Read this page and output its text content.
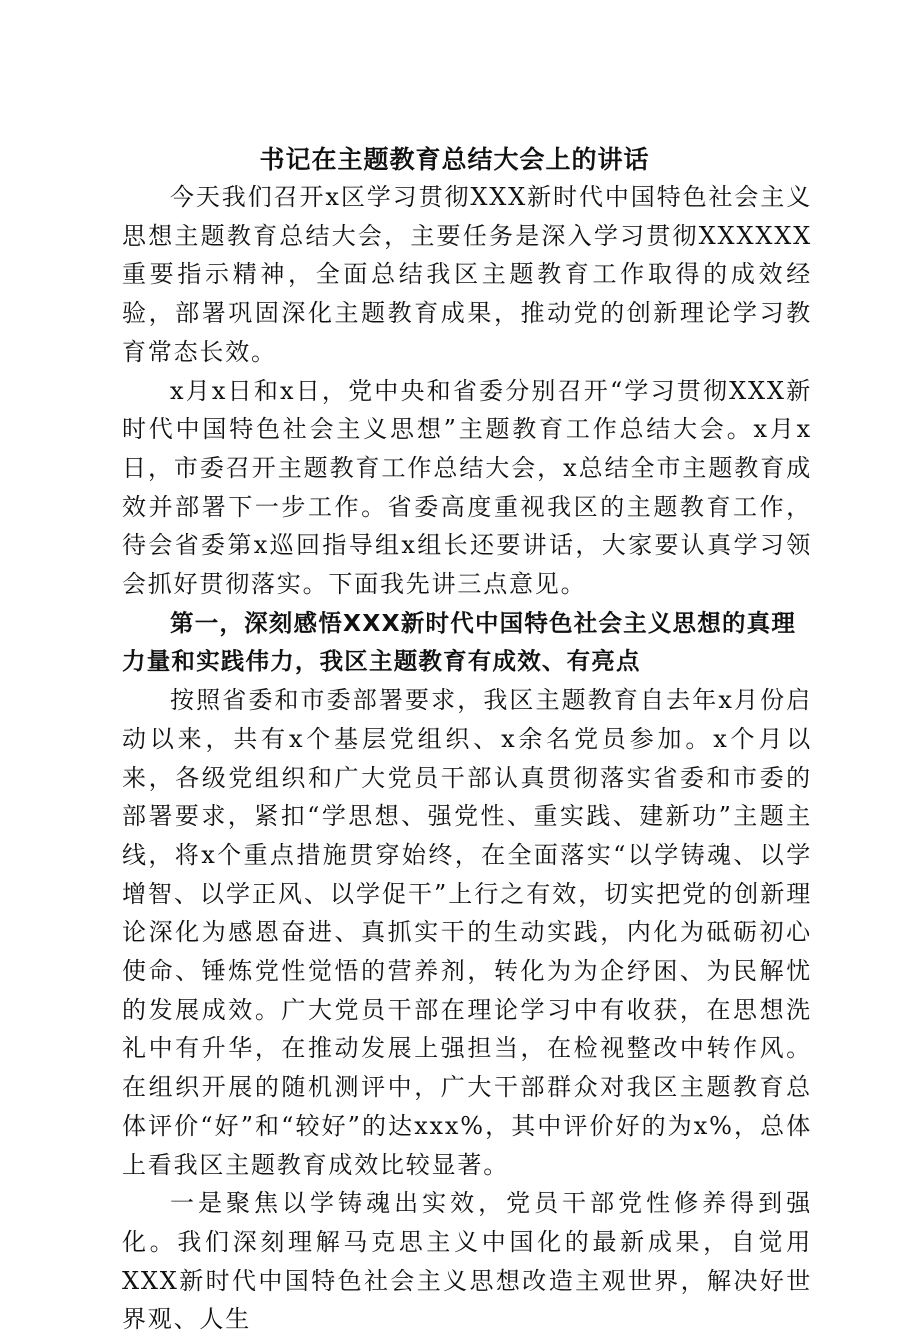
书记在主题教育总结大会上的讲话

今天我们召开x区学习贯彻XXX新时代中国特色社会主义思想主题教育总结大会，主要任务是深入学习贯彻XXXXXX重要指示精神，全面总结我区主题教育工作取得的成效经验，部署巩固深化主题教育成果，推动党的创新理论学习教育常态长效。

x月x日和x日，党中央和省委分别召开“学习贯彻XXX新时代中国特色社会主义思想”主题教育工作总结大会。x月x日，市委召开主题教育工作总结大会，x总结全市主题教育成效并部署下一步工作。省委高度重视我区的主题教育工作，待会省委第x巡回指导组x组长还要讲话，大家要认真学习领会抓好贯彻落实。下面我先讲三点意见。

第一，深刻感悟XXX新时代中国特色社会主义思想的真理力量和实践伟力，我区主题教育有成效、有亮点

按照省委和市委部署要求，我区主题教育自去年x月份启动以来，共有x个基层党组织、x余名党员参加。x个月以来，各级党组织和广大党员干部认真贯彻落实省委和市委的部署要求，紧扣“学思想、强党性、重实践、建新功”主题主线，将x个重点措施贯穿始终，在全面落实“以学铸魂、以学增智、以学正风、以学促干”上行之有效，切实把党的创新理论深化为感恩奋进、真抓实干的生动实践，内化为砥砺初心使命、锤炼党性觉悟的营养剂，转化为为企纾困、为民解忧的发展成效。广大党员干部在理论学习中有收获，在思想洗礼中有升华，在推动发展上强担当，在检视整改中转作风。在组织开展的随机测评中，广大干部群众对我区主题教育总体评价“好”和“较好”的达xxx%，其中评价好的为x%，总体上看我区主题教育成效比较显著。

一是聚焦以学铸魂出实效，党员干部党性修养得到强化。我们深刻理解马克思主义中国化的最新成果，自觉用XXX新时代中国特色社会主义思想改造主观世界，解决好世界观、人生
